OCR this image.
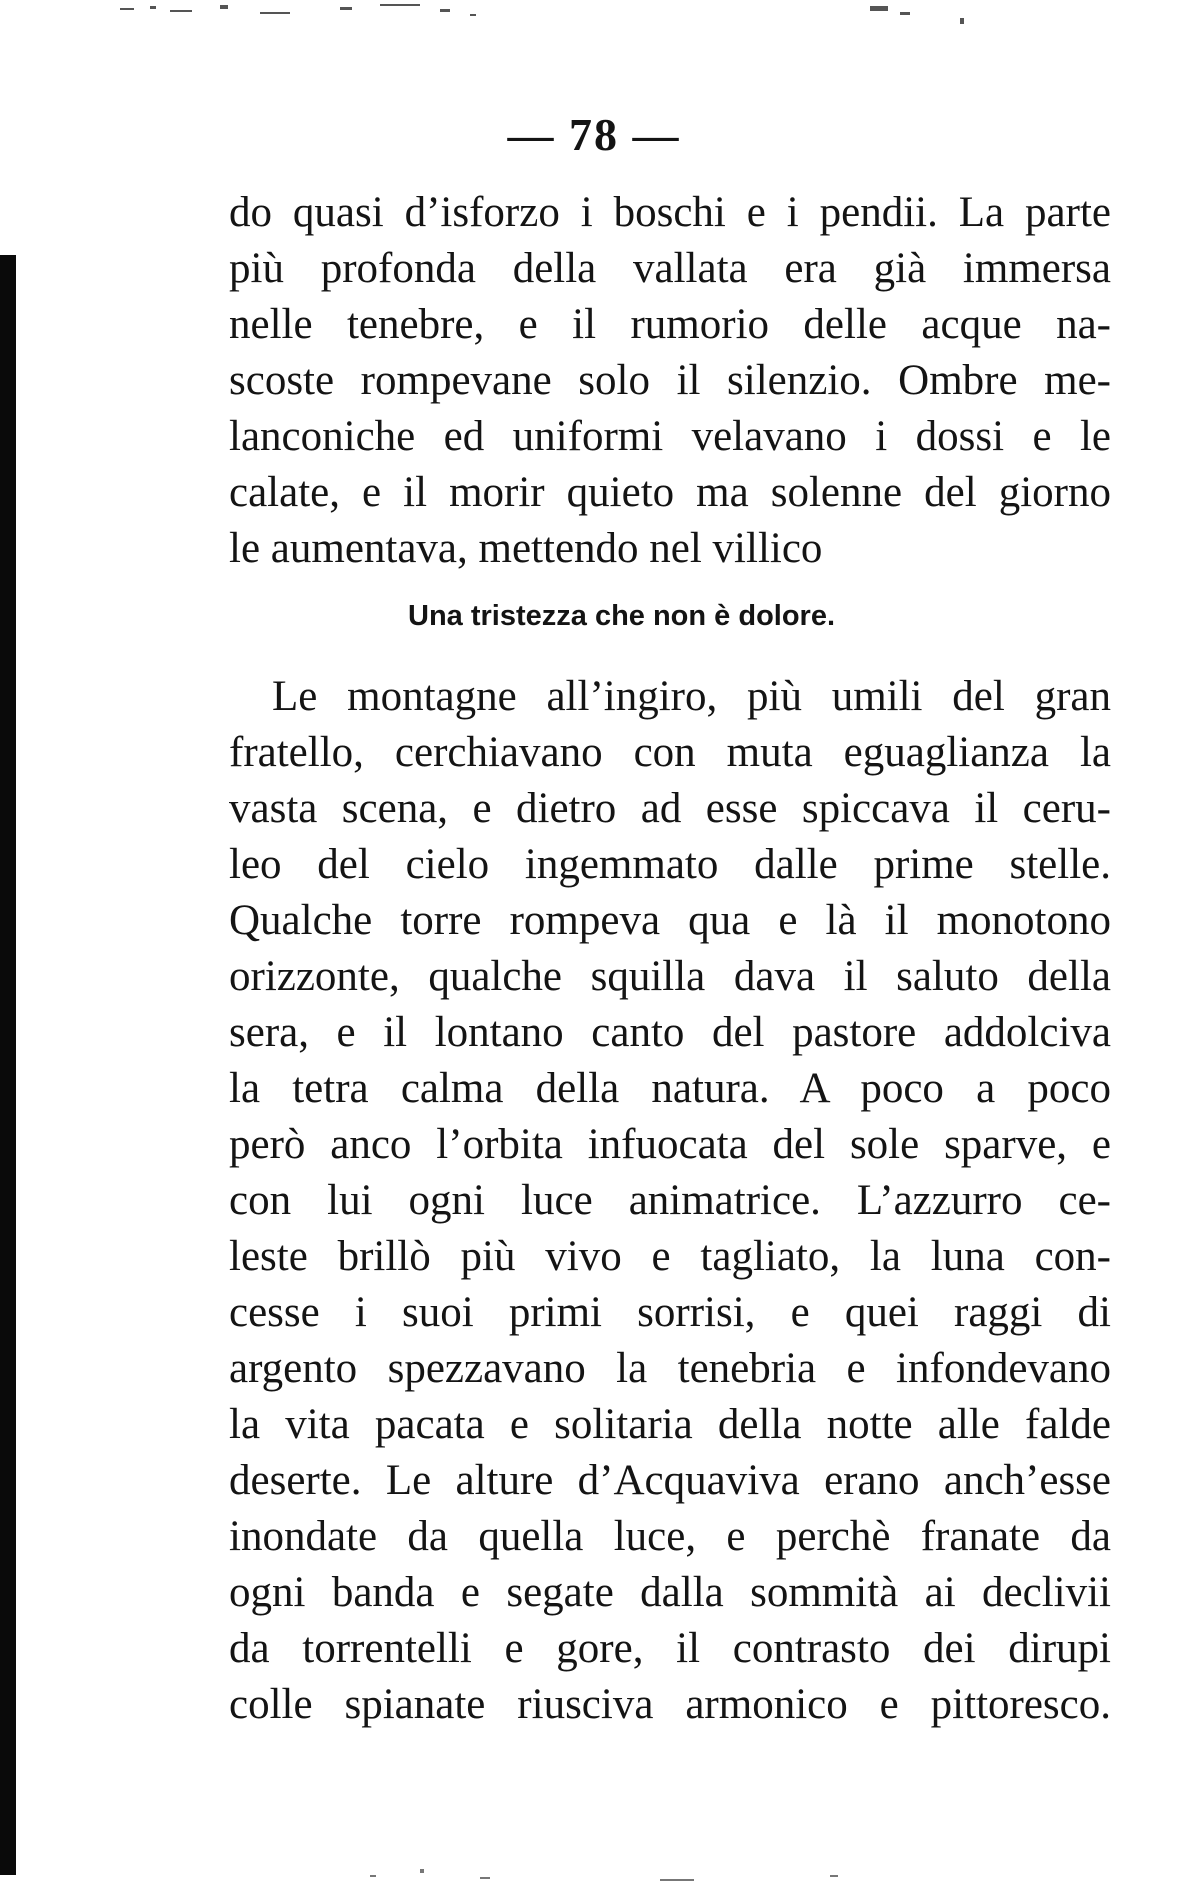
— 78 —
do quasi d’isforzo i boschi e i pendii. La parte
più profonda della vallata era già immersa
nelle tenebre, e il rumorio delle acque na-
scoste rompevane solo il silenzio. Ombre me-
lanconiche ed uniformi velavano i dossi e le
calate, e il morir quieto ma solenne del giorno
le aumentava, mettendo nel villico
Una tristezza che non è dolore.
Le montagne all’ingiro, più umili del gran
fratello, cerchiavano con muta eguaglianza la
vasta scena, e dietro ad esse spiccava il ceru-
leo del cielo ingemmato dalle prime stelle.
Qualche torre rompeva qua e là il monotono
orizzonte, qualche squilla dava il saluto della
sera, e il lontano canto del pastore addolciva
la tetra calma della natura. A poco a poco
però anco l’orbita infuocata del sole sparve, e
con lui ogni luce animatrice. L’azzurro ce-
leste brillò più vivo e tagliato, la luna con-
cesse i suoi primi sorrisi, e quei raggi di
argento spezzavano la tenebria e infondevano
la vita pacata e solitaria della notte alle falde
deserte. Le alture d’Acquaviva erano anch’esse
inondate da quella luce, e perchè franate da
ogni banda e segate dalla sommità ai declivii
da torrentelli e gore, il contrasto dei dirupi
colle spianate riusciva armonico e pittoresco.
